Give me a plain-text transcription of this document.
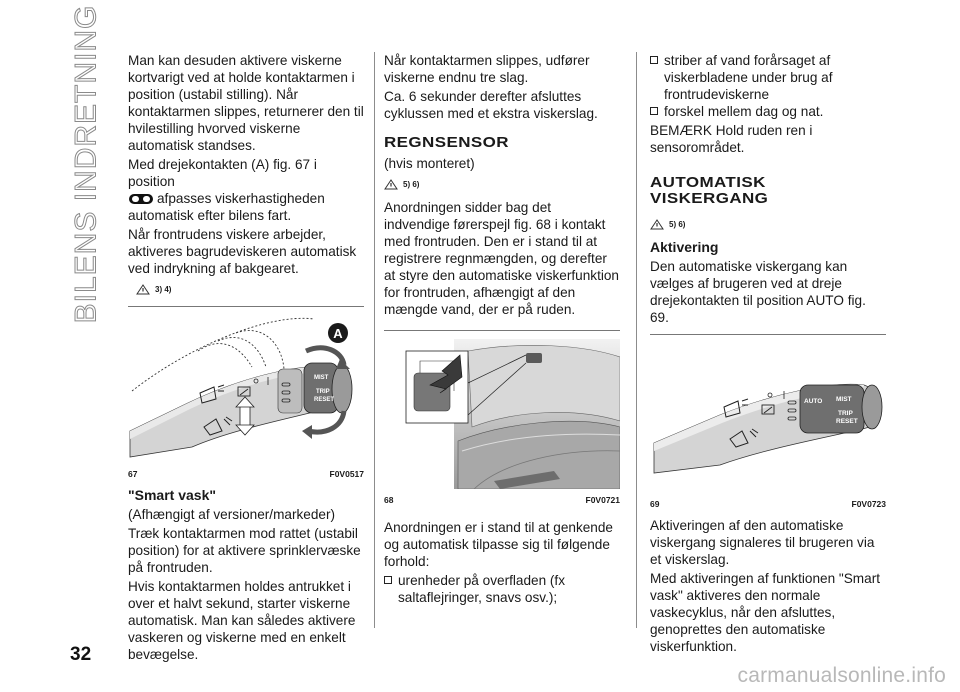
BILENS INDRETNING Man kan desuden aktivere viskerne kortvarigt ved at holde kontaktarmen i position (ustabil stilling). Når kontaktarmen slippes, returnerer den til hvilestilling hvorved viskerne automatisk standses.

Med drejekontakten (A) fig. 67 i position
afpasses viskerhastigheden automatisk efter bilens fart.

Når frontrudens viskere arbejder, aktiveres bagrudeviskeren automatisk ved indrykning af bakgearet.

3) 4)
MIST
TRIP
RESET
A
67	F0V0517

"Smart vask"

(Afhængigt af versioner/markeder)

Træk kontaktarmen mod rattet (ustabil position) for at aktivere sprinklervæske på frontruden.

Hvis kontaktarmen holdes antrukket i over et halvt sekund, starter viskerne automatisk. Man kan således aktivere vaskeren og viskerne med en enkelt bevægelse.

Når kontaktarmen slippes, udfører viskerne endnu tre slag.

Ca. 6 sekunder derefter afsluttes cyklussen med et ekstra viskerslag.

REGNSENSOR

(hvis monteret)

5) 6)

Anordningen sidder bag det indvendige førerspejl fig. 68 i kontakt med frontruden. Den er i stand til at registrere regnmængden, og derefter at styre den automatiske viskerfunktion for frontruden, afhængigt af den mængde vand, der er på ruden.

68	F0V0721

Anordningen er i stand til at genkende og automatisk tilpasse sig til følgende forhold:

urenheder på overfladen (fx saltaflejringer, snavs osv.);
striber af vand forårsaget af viskerbladene under brug af frontrudeviskerne
forskel mellem dag og nat.

BEMÆRK Hold ruden ren i sensorområdet.

AUTOMATISK
VISKERGANG

5) 6)

Aktivering

Den automatiske viskergang kan vælges af brugeren ved at dreje drejekontakten til position AUTO fig. 69.

AUTO MIST
TRIP
RESET
69	F0V0723

Aktiveringen af den automatiske viskergang signaleres til brugeren via et viskerslag.

Med aktiveringen af funktionen "Smart vask" aktiveres den normale vaskecyklus, når den afsluttes, genoprettes den automatiske viskerfunktion.

32
carmanualsonline.info
